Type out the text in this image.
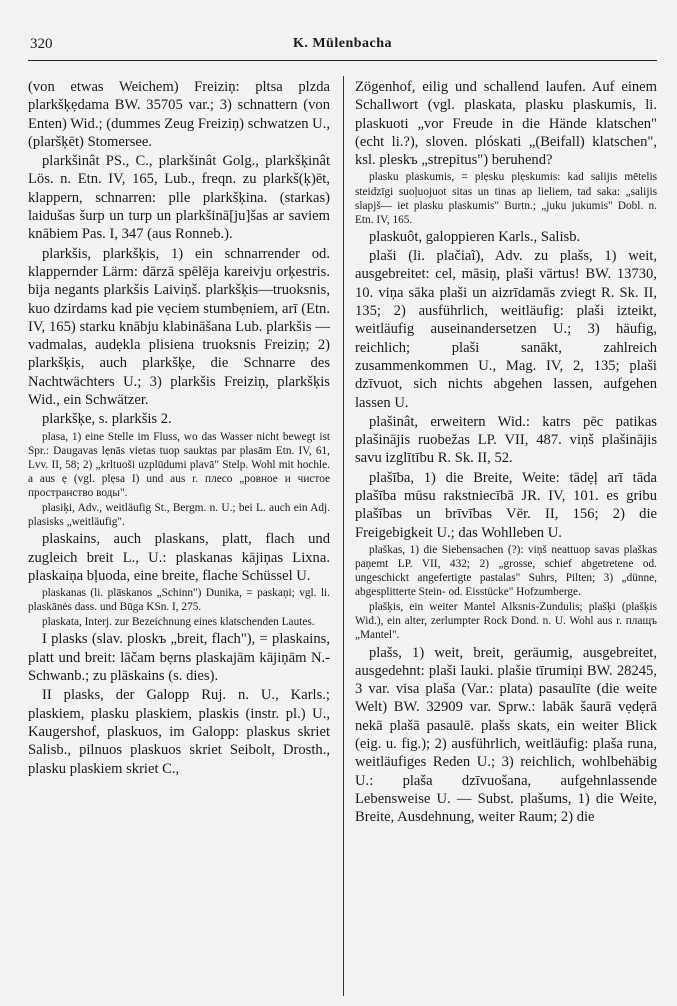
320	K. Mülenbacha

(von etwas Weichem) Freiziņ: pltsa plzda plarkšķẹdama BW. 35705 var.; 3) schnattern (von Enten) Wid.; (dummes Zeug Freiziņ) schwatzen U., (plaršķēt) Stomersee.

plarkšinât PS., C., plarkšinât Golg., plarkšķinât Lös. n. Etn. IV, 165, Lub., freqn. zu plarkš(ķ)ēt, klappern, schnarren: plle plarkšķina. (starkas) laidušas šurp un turp un plarkšinā[ju]šas ar saviem knābiem Pas. I, 347 (aus Ronneb.).

plarkšis, plarkšķis, 1) ein schnarrender od. klappernder Lärm: dārzā spēlēja kareivju orķestris. bija negants plarkšis Laiviņš. plarkšķis—truoksnis, kuo dzirdams kad pie vẹciem stumbẹniem, arī (Etn. IV, 165) starku knābju klabināšana Lub. plarkšis — vadmalas, audẹkla plisiena truoksnis Freiziņ; 2) plarkšķis, auch plarkšķe, die Schnarre des Nachtwächters U.; 3) plarkšis Freiziņ, plarkšķis Wid., ein Schwätzer.

plarkšķe, s. plarkšis 2.

plasa, 1) eine Stelle im Fluss, wo das Wasser nicht bewegt ist Spr.: Daugavas lẹnās vietas tuop sauktas par plasām Etn. IV, 61, Lvv. II, 58; 2) „krltuoši uzplūdumi plavā" Stelp. Wohl mit hochle. a aus ẹ (vgl. plẹsa I) und aus r. плeco „ровное и чистое пространство воды".

plasiķi, Adv., weitläufig St., Bergm. n. U.; bei L. auch ein Adj. plasisks „weitläufig".

plaskains, auch plaskans, platt, flach und zugleich breit L., U.: plaskanas kājiņas Lixna. plaskaiņa bļuoda, eine breite, flache Schüssel U.

plaskanas (li. plāskanos „Schinn") Dunika, = paskaņi; vgl. li. plaskānės dass. und Būga KSn. I, 275.

plaskata, Interj. zur Bezeichnung eines klatschenden Lautes.

I plasks (slav. ploskъ „breit, flach"), = plaskains, platt und breit: lāčam bẹrns plaskajām kājiņām N.-Schwanb.; zu plāskains (s. dies).

II plasks, der Galopp Ruj. n. U., Karls.; plaskiem, plasku plaskiem, plaskis (instr. pl.) U., Kaugershof, plaskuos, im Galopp: plaskus skriet Salisb., pilnuos plaskuos skriet Seibolt, Drosth., plasku plaskiem skriet C.,

Zögenhof, eilig und schallend laufen. Auf einem Schallwort (vgl. plaskata, plasku plaskumis, li. plaskuoti „vor Freude in die Hände klatschen" (echt li.?), sloven. plóskati „(Beifall) klatschen", ksl. pleskъ „strepitus") beruhend?

plasku plaskumis, = plẹsku plẹskumis: kad salijis mētelis steidzīgi suoļuojuot sitas un tinas ap lieliem, tad saka: „salijis slapjš— iet plasku plaskumis" Burtn.; „juku jukumis" Dobl. n. Etn. IV, 165.

plaskuôt, galoppieren Karls., Salisb.

plaši (li. plačiaĩ), Adv. zu plašs, 1) weit, ausgebreitet: cel, māsiņ, plaši vārtus! BW. 13730, 10. viņa sāka plaši un aizrīdamās zviegt R. Sk. II, 135; 2) ausführlich, weitläufig: plaši izteikt, weitläufig auseinandersetzen U.; 3) häufig, reichlich; plaši sanākt, zahlreich zusammenkommen U., Mag. IV, 2, 135; plaši dzīvuot, sich nichts abgehen lassen, aufgehen lassen U.

plašinât, erweitern Wid.: katrs pēc patikas plašinājis ruobežas LP. VII, 487. viņš plašinājis savu izglītību R. Sk. II, 52.

plašība, 1) die Breite, Weite: tādẹļ arī tāda plašība mūsu rakstniecībā JR. IV, 101. es gribu plašības un brīvības Vēr. II, 156; 2) die Freigebigkeit U.; das Wohlleben U.

plaškas, 1) die Siebensachen (?): viņš neattuop savas plaškas paņemt LP. VII, 432; 2) „grosse, schief abgetretene od. ungeschickt angefertigte pastalas" Suhrs, Pilten; 3) „dünne, abgesplitterte Stein- od. Eisstücke" Hofzumberge.

plašķis, ein weiter Mantel Alksnis-Zundulis; plašķi (plašķis Wid.), ein alter, zerlumpter Rock Dond. n. U. Wohl aus r. плащъ „Mantel".

plašs, 1) weit, breit, geräumig, ausgebreitet, ausgedehnt: plaši lauki. plašie tīrumiņi BW. 28245, 3 var. visa plaša (Var.: plata) pasaulīte (die weite Welt) BW. 32909 var. Sprw.: labāk šaurā vẹdẹrā nekā plašā pasaulē. plašs skats, ein weiter Blick (eig. u. fig.); 2) ausführlich, weitläufig: plaša runa, weitläufiges Reden U.; 3) reichlich, wohlbehäbig U.: plaša dzīvuošana, aufgehnlassende Lebensweise U. — Subst. plašums, 1) die Weite, Breite, Ausdehnung, weiter Raum; 2) die
